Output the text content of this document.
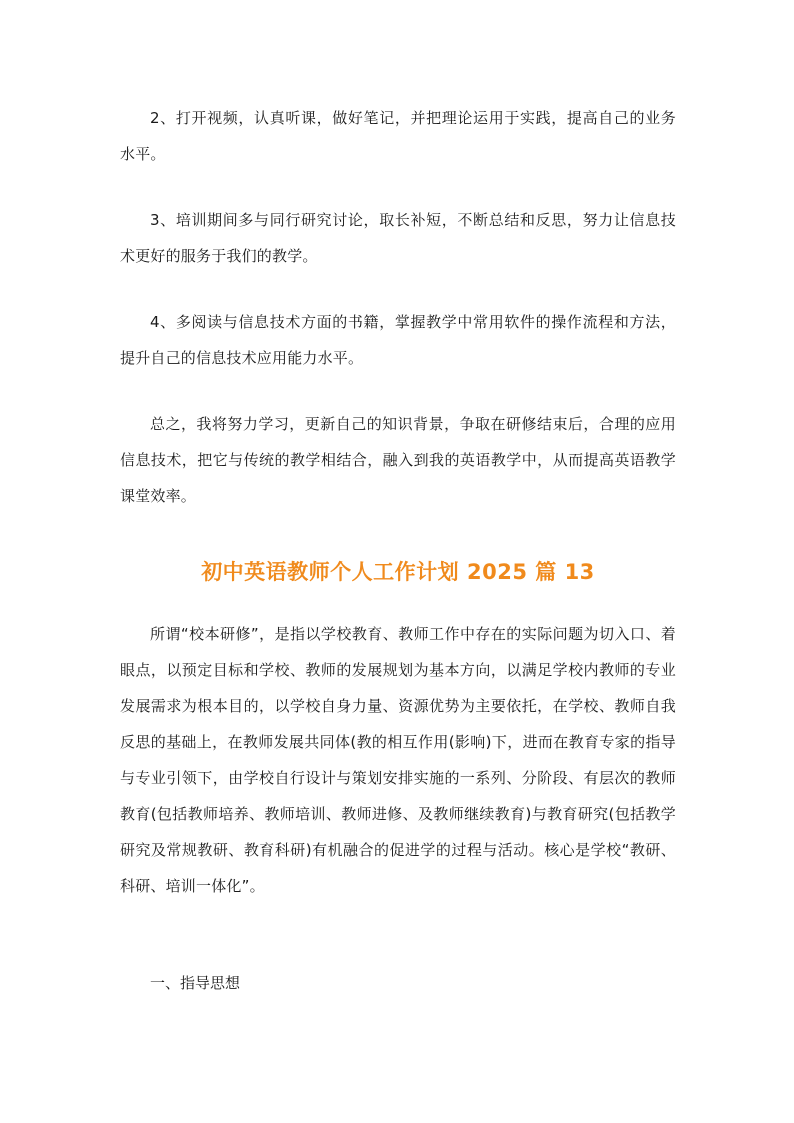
2、打开视频，认真听课，做好笔记，并把理论运用于实践，提高自己的业务水平。

3、培训期间多与同行研究讨论，取长补短，不断总结和反思，努力让信息技术更好的服务于我们的教学。

4、多阅读与信息技术方面的书籍，掌握教学中常用软件的操作流程和方法，提升自己的信息技术应用能力水平。

总之，我将努力学习，更新自己的知识背景，争取在研修结束后，合理的应用信息技术，把它与传统的教学相结合，融入到我的英语教学中，从而提高英语教学课堂效率。

初中英语教师个人工作计划 2025 篇 13

所谓“校本研修”，是指以学校教育、教师工作中存在的实际问题为切入口、着眼点，以预定目标和学校、教师的发展规划为基本方向，以满足学校内教师的专业发展需求为根本目的，以学校自身力量、资源优势为主要依托，在学校、教师自我反思的基础上，在教师发展共同体(教的相互作用(影响)下，进而在教育专家的指导与专业引领下，由学校自行设计与策划安排实施的一系列、分阶段、有层次的教师教育(包括教师培养、教师培训、教师进修、及教师继续教育)与教育研究(包括教学研究及常规教研、教育科研)有机融合的促进学的过程与活动。核心是学校“教研、科研、培训一体化”。

一、指导思想
